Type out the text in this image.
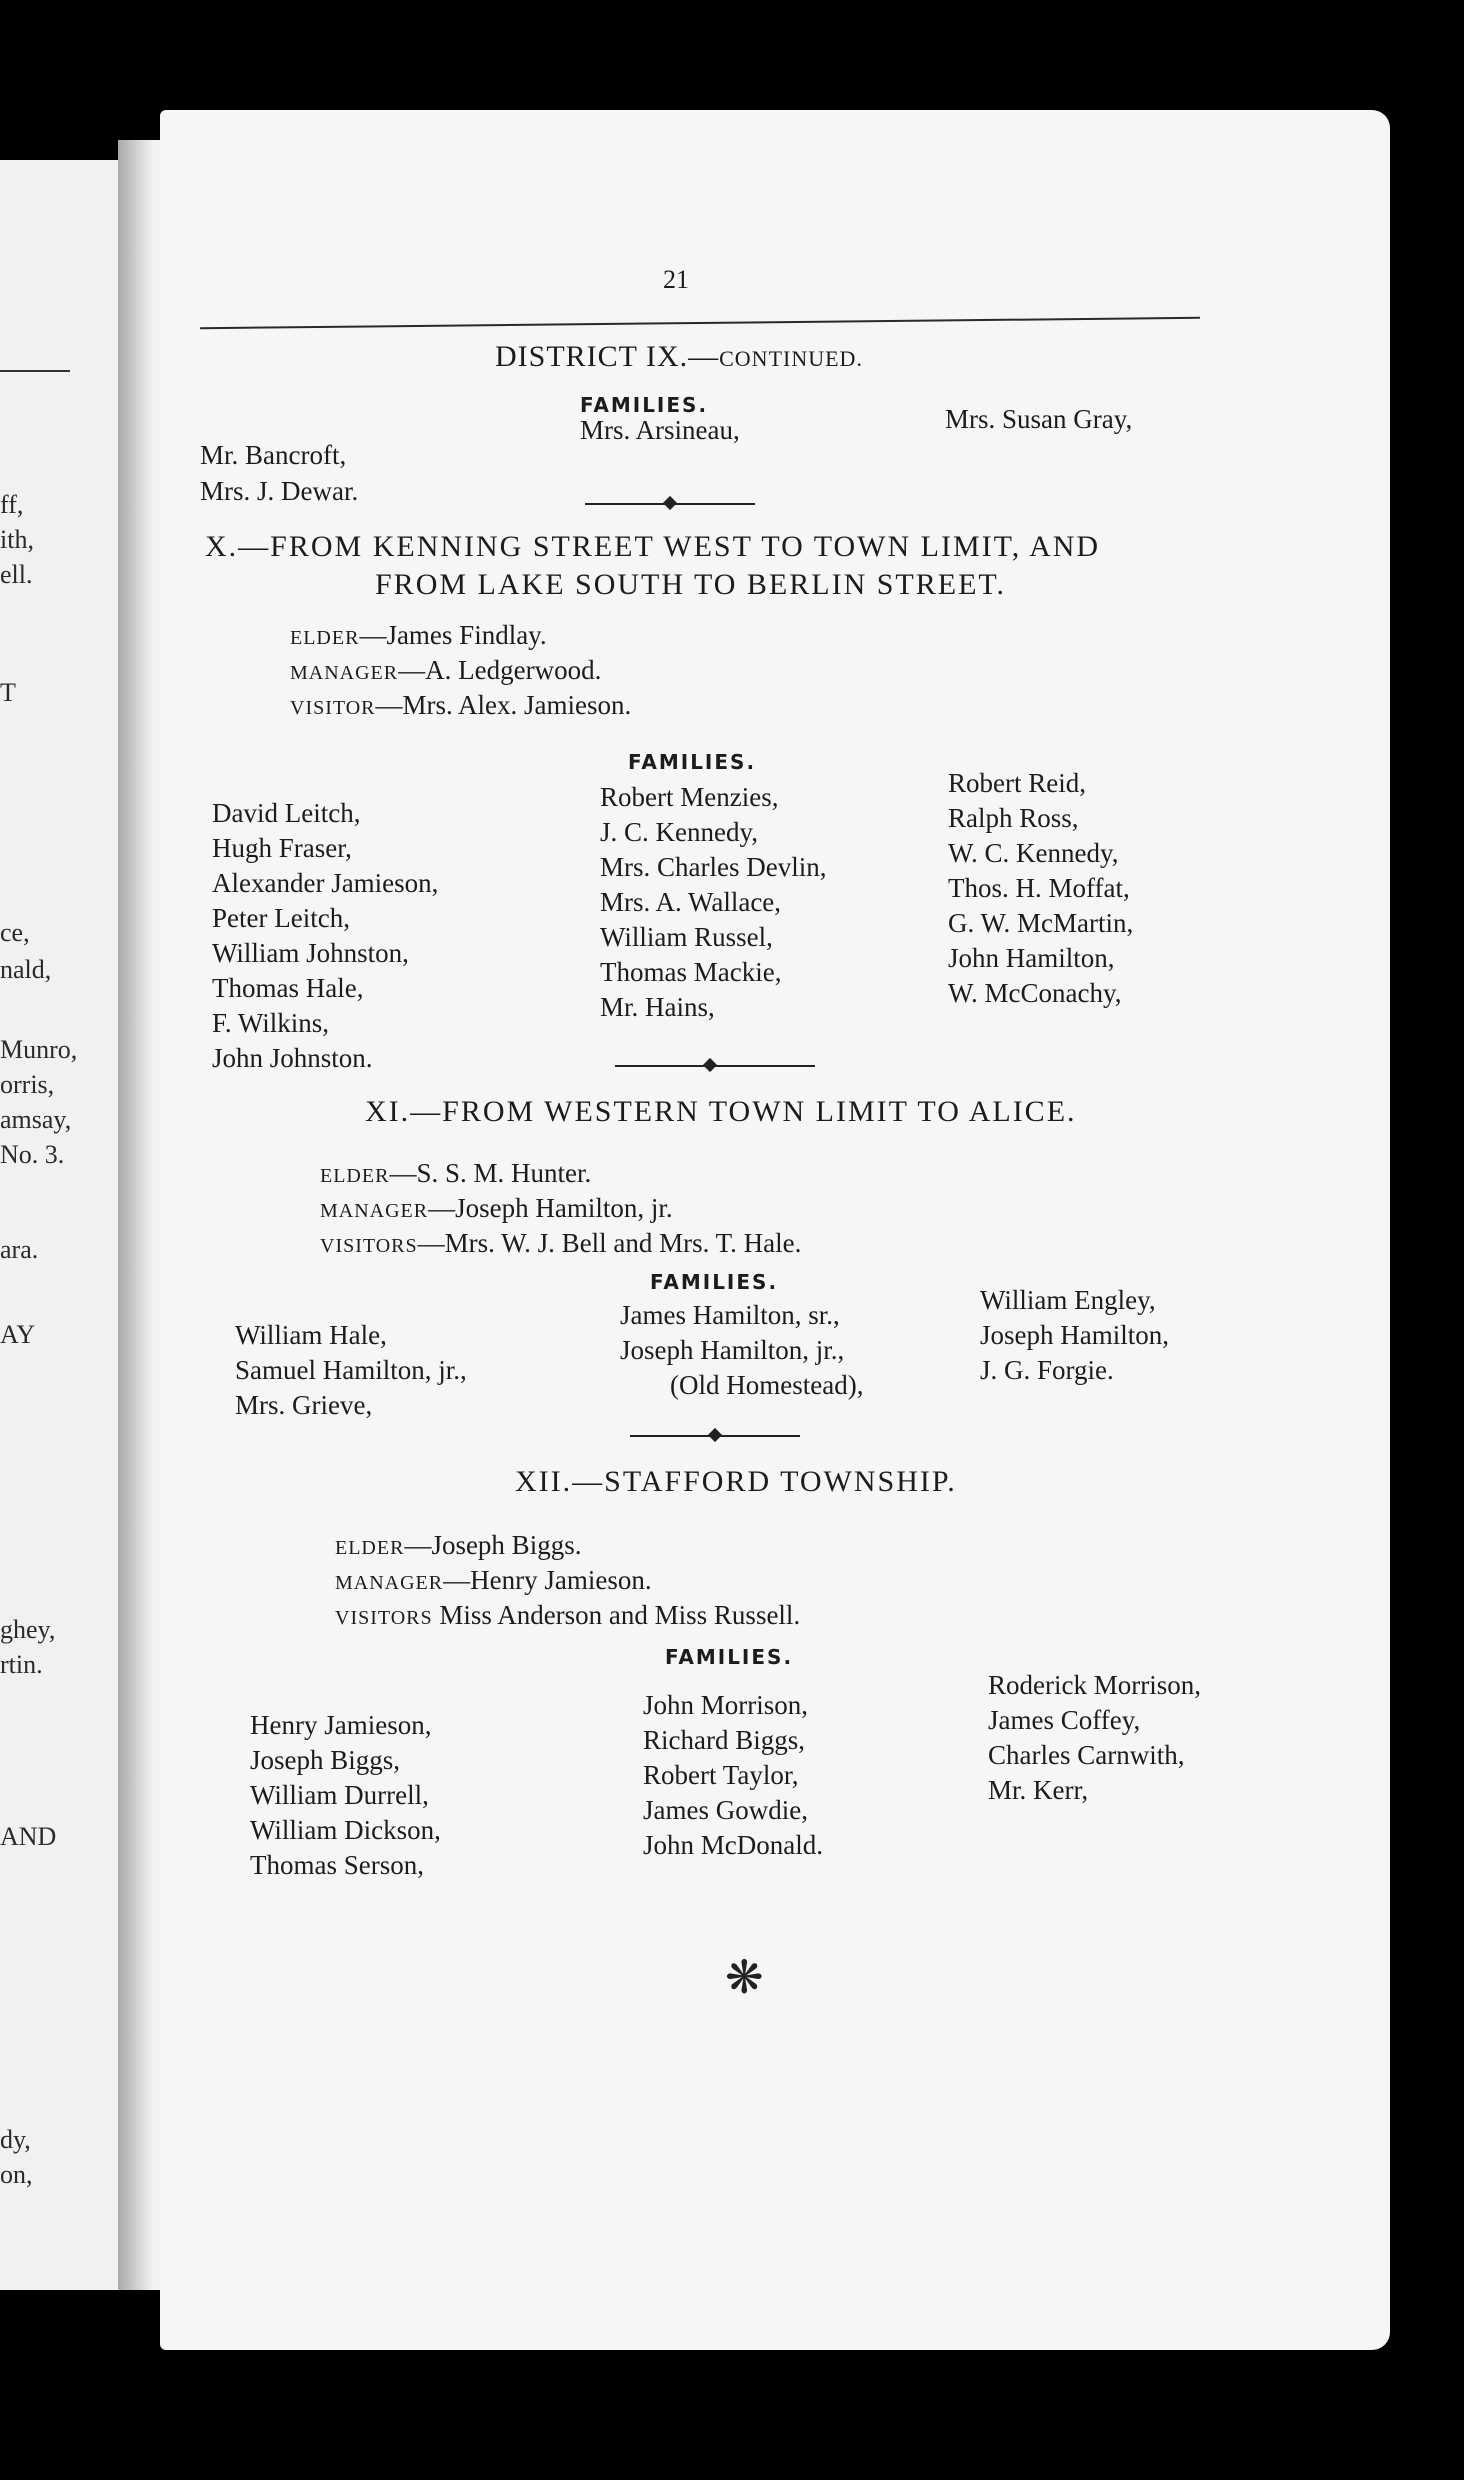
ff,
ith,
ell.
T
ce,
nald,
Munro,
orris,
amsay,
No. 3.
ara.
AY
ghey,
rtin.
AND
dy,
on,
21
DISTRICT IX.—CONTINUED.
FAMILIES.
Mr. Bancroft,
Mrs. J. Dewar.
Mrs. Arsineau,	Mrs. Susan Gray,
X.—FROM KENNING STREET WEST TO TOWN LIMIT, AND
FROM LAKE SOUTH TO BERLIN STREET.
ELDER—James Findlay.
MANAGER—A. Ledgerwood.
VISITOR—Mrs. Alex. Jamieson.
FAMILIES.
David Leitch,
Hugh Fraser,
Alexander Jamieson,
Peter Leitch,
William Johnston,
Thomas Hale,
F. Wilkins,
John Johnston.
Robert Menzies,
J. C. Kennedy,
Mrs. Charles Devlin,
Mrs. A. Wallace,
William Russel,
Thomas Mackie,
Mr. Hains,
Robert Reid,
Ralph Ross,
W. C. Kennedy,
Thos. H. Moffat,
G. W. McMartin,
John Hamilton,
W. McConachy,
XI.—FROM WESTERN TOWN LIMIT TO ALICE.
ELDER—S. S. M. Hunter.
MANAGER—Joseph Hamilton, jr.
VISITORS—Mrs. W. J. Bell and Mrs. T. Hale.
FAMILIES.
William Hale,
Samuel Hamilton, jr.,
Mrs. Grieve,
James Hamilton, sr.,
Joseph Hamilton, jr.,
(Old Homestead),
William Engley,
Joseph Hamilton,
J. G. Forgie.
XII.—STAFFORD TOWNSHIP.
ELDER—Joseph Biggs.
MANAGER—Henry Jamieson.
VISITORS Miss Anderson and Miss Russell.
FAMILIES.
Henry Jamieson,
Joseph Biggs,
William Durrell,
William Dickson,
Thomas Serson,
John Morrison,
Richard Biggs,
Robert Taylor,
James Gowdie,
John McDonald.
Roderick Morrison,
James Coffey,
Charles Carnwith,
Mr. Kerr,
❋
